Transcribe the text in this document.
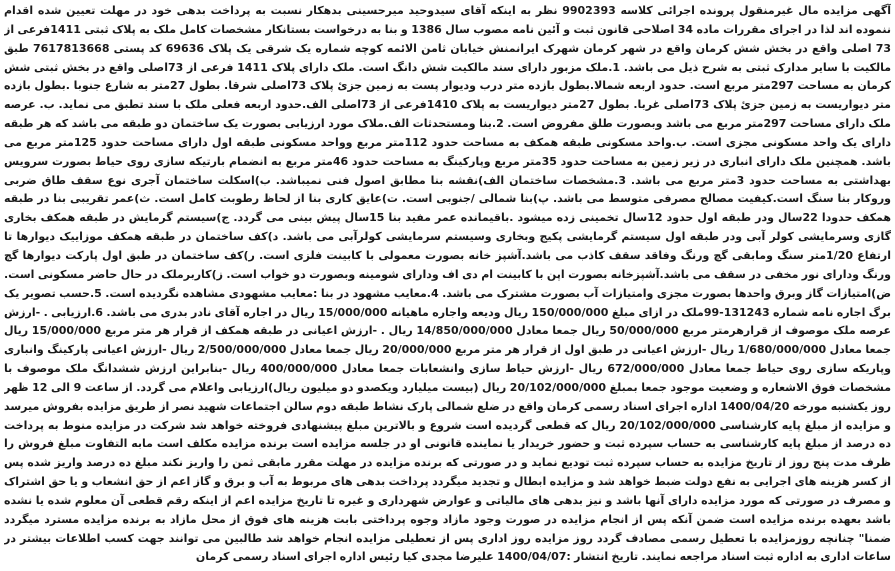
آگهی مزایده مال غیرمنقول پرونده اجرائی کلاسه 9902393 نظر به اینکه آقای سیدوحید میرحسینی بدهکار نسبت به پرداخت بدهی خود در مهلت تعیین شده اقدام ننموده اند لذا در اجرای مقررات ماده 34 اصلاحی قانون ثبت و آئین نامه مصوب سال 1386 و بنا به درخواست بستانکار مشخصات کامل ملک به پلاک ثبتی 1411فرعی از 73 اصلی واقع در بخش شش کرمان واقع در شهر کرمان شهرک ایرانمنش خیابان ثامن الائمه کوچه شماره یک شرقی یک پلاک 69636 کد پستی 7617813668 طبق مالکیت با سایر مدارک ثبتی به شرح ذیل می باشد. 1.ملک مزبور دارای سند مالکیت شش دانگ است. ملک دارای پلاک 1411 فرعی از 73اصلی واقع در بخش ثبتی شش کرمان به مساحت 297متر مربع است. حدود اربعه شمالا.بطول بازده متر درب ودیوار پست به زمین جزئ پلاک 73اصلی شرقا. بطول 27متر به شارع جنوبا .بطول بازده متر دیواریست به زمین جزئ پلاک 73اصلی غربا. بطول 27متر دیواریست به پلاک 1410فرعی از 73اصلی الف.حدود اربعه فعلی ملک با سند تطبق می نماید. ب. عرصه ملک دارای مساحت 297متر مربع می باشد وبصورت طلق مفروض است. 2.بنا ومستحدثات الف.ملاک مورد ارزیابی بصورت یک ساختمان دو طبقه می باشد که هر طبقه دارای یک واحد مسکونی مجزی است. ب.واحد مسکونی طبقه همکف به مساحت حدود 112متر مربع وواحد مسکونی طبقه اول دارای مساحت حدود 125متر مربع می باشد. همچنین ملک دارای انباری در زیر زمین به مساحت حدود 35متر مربع وپارکینگ به مساحت حدود 46متر مربع به انضمام بارتیکه سازی روی حیاط بصورت سرویس بهداشتی به مساحت حدود 3متر مربع می باشد. 3.مشخصات ساختمان الف)نقشه بنا مطابق اصول فنی نمیباشد. ب)اسکلت ساختمان آجری نوع سقف طاق ضربی وروکار بنا سنگ است.کیفیت مصالح مصرفی متوسط می باشد. پ)بنا شمالی /جنوبی است. ت)عایق کاری بنا از لحاظ رطوبت کامل است. ث)عمر تقریبی بنا در طبقه همکف حدودا 22سال ودر طبقه اول حدود 12سال تخمینی زده میشود .باقیمانده عمر مفید بنا 15سال پیش بینی می گردد. ج)سیستم گرمایش در طبقه همکف بخاری گازی وسرمایشی کولر آبی ودر طبقه اول سیستم گرمایشی پکیج وبخاری وسیستم سرمایشی کولرآبی می باشد. د)کف ساختمان در طبقه همکف موزاییک دیوارها تا ارتفاع 1/20متر سنگ ومابقی گچ ورنگ وفاقد سقف کاذب می باشد.آشپز خانه بصورت معمولی با کابینت فلزی است. ر)کف ساختمان در طبق اول پارکت دیوارها گچ ورنگ ودارای نور مخفی در سقف می باشد.آشپزخانه بصورت اپن با کابینت ام دی اف ودارای شومینه وبصورت دو خواب است. ز)کاربرملک در حال حاضر مسکونی است. ض)امتیازات گاز وبرق واحدها بصورت مجزی وامتیازات آب بصورت مشترک می باشد. 4.معایب مشهود در بنا :معایب مشهودی مشاهده نگردیده است. 5.حسب تصویر یک برگ اجاره نامه شماره 131243-99ملک در ازای مبلغ 150/000/000 ریال ودیعه واجاره ماهیانه 15/000/000 ریال در اجاره آقای نادر بدری می باشد. 6.ارزیابی . -ارزش عرصه ملک موصوف از قرارهرمتر مربع 50/000/000 ریال جمعا معادل 14/850/000/000 ریال . -ارزش اعیانی در طبقه همکف از قرار هر متر مربع 15/000/000 ریال جمعا معادل 1/680/000/000 ریال -ارزش اعیانی در طبق اول از قرار هر متر مربع 20/000/000 ریال جمعا معادل 2/500/000/000 ریال -ارزش اعیانی پارکینگ وانباری وپاریکه سازی روی حیاط جمعا معادل 672/000/000 ریال -ارزش حیاط سازی وانشعابات جمعا معادل 400/000/000 ریال -بنابراین ارزش ششدانگ ملک موصوف با مشخصات فوق الاشعاره و وضعیت موجود جمعا بمبلغ 20/102/000/000 ریال (بیست میلیارد ویکصدو دو میلیون ریال)ارزیابی واعلام می گردد. از ساعت 9 الی 12 ظهر روز یکشنبه مورخه 1400/04/20 اداره اجرای اسناد رسمی کرمان واقع در ضلع شمالی پارک نشاط طبقه دوم سالن اجتماعات شهید نصر از طریق مزایده بفروش میرسد و مزایده از مبلغ پایه کارشناسی 20/102/000/000 ریال که قطعی گردیده است شروع و بالاترین مبلغ پیشنهادی فروخته خواهد شد شرکت در مزایده منوط به پرداخت ده درصد از مبلغ پایه کارشناسی به حساب سپرده ثبت و حضور خریدار یا نماینده قانونی او در جلسه مزایده است برنده مزایده مکلف است مابه التفاوت مبلغ فروش را ظرف مدت پنج روز از تاریخ مزایده به حساب سپرده ثبت تودیع نماید و در صورتی که برنده مزایده در مهلت مقرر مابقی ثمن را واریز نکند مبلغ ده درصد واریز شده پس از کسر هزینه های اجرایی به نفع دولت ضبط خواهد شد و مزایده ابطال و تجدید میگردد پرداخت بدهی های مربوط به آب و برق و گاز اعم از حق انشعاب و یا حق اشتراک و مصرف در صورتی که مورد مزایده دارای آنها باشد و نیز بدهی های مالیاتی و عوارض شهرداری و غیره تا تاریخ مزایده اعم از اینکه رقم قطعی آن معلوم شده یا نشده باشد بعهده برنده مزایده است ضمن آنکه پس از انجام مزایده در صورت وجود مازاد وجوه پرداختی بابت هزینه های فوق از محل مازاد به برنده مزایده مسترد میگردد ضمنا" چنانچه روزمزایده با تعطیل رسمی مصادف گردد روز مزایده روز اداری پس از تعطیلی مزایده انجام خواهد شد طالبین می توانند جهت کسب اطلاعات بیشتر در ساعات اداری به اداره ثبت اسناد مراجعه نمایند. تاریخ انتشار :1400/04/07 علیرضا مجدی کیا رئیس اداره اجرای اسناد رسمی کرمان
